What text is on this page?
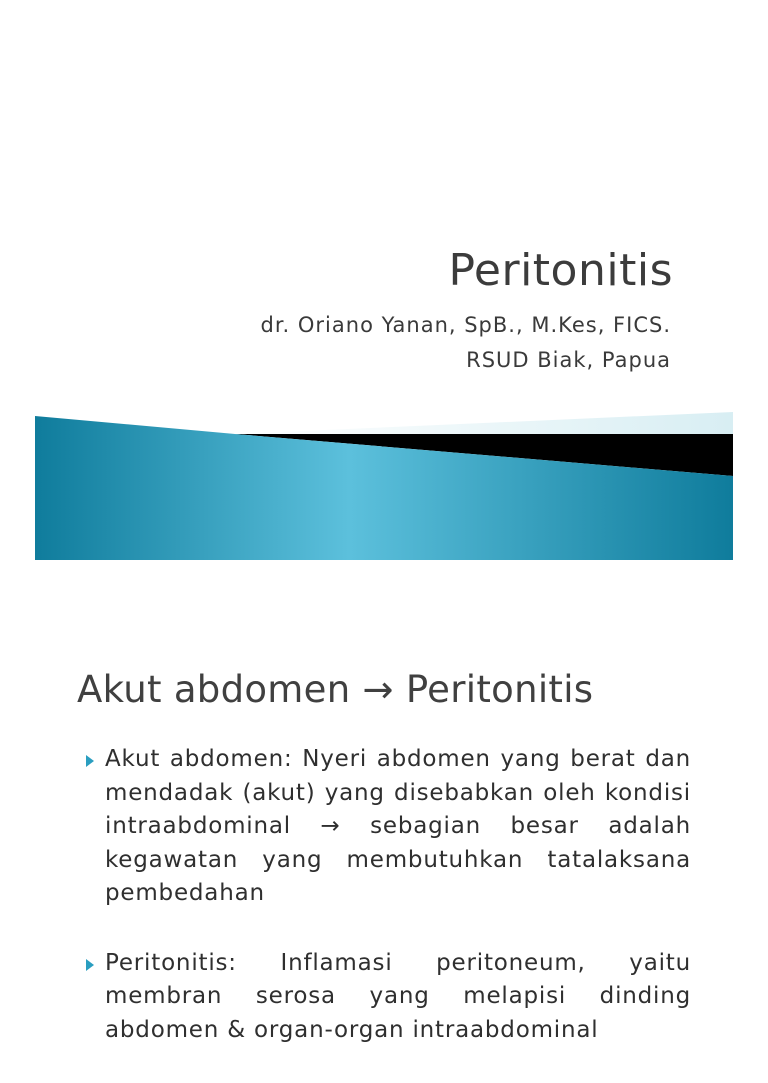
Peritonitis
dr. Oriano Yanan, SpB., M.Kes, FICS.
RSUD Biak, Papua
Akut abdomen → Peritonitis
Akut abdomen: Nyeri abdomen yang berat dan mendadak (akut) yang disebabkan oleh kondisi intraabdominal → sebagian besar adalah kegawatan yang membutuhkan tatalaksana pembedahan
Peritonitis: Inflamasi peritoneum, yaitu membran serosa yang melapisi dinding abdomen & organ-organ intraabdominal
